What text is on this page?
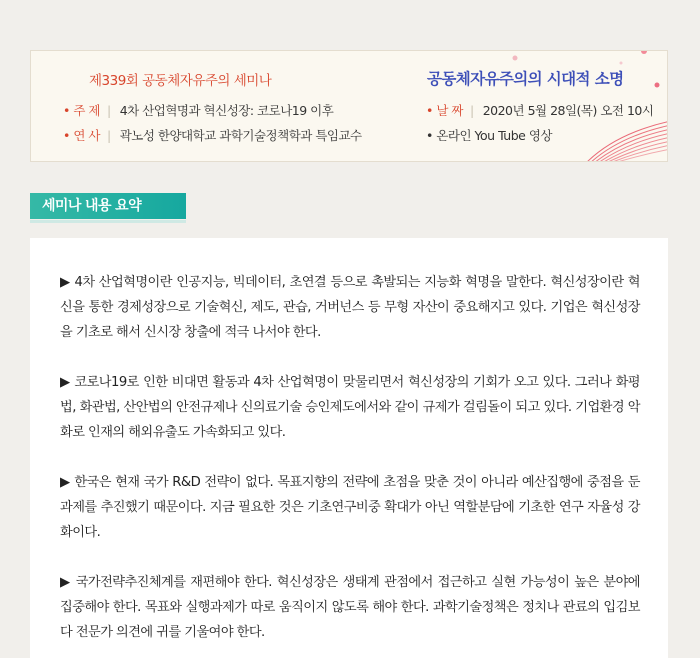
제339회 공동체자유주의 세미나	공동체자유주의의 시대적 소명
• 주 제 | 4차 산업혁명과 혁신성장: 코로나19 이후
• 연 사 | 곽노성 한양대학교 과학기술정책학과 특임교수
• 날 짜 | 2020년 5월 28일(목) 오전 10시
• 온라인 You Tube 영상
세미나 내용 요약
▶ 4차 산업혁명이란 인공지능, 빅데이터, 초연결 등으로 촉발되는 지능화 혁명을 말한다. 혁신성장이란 혁신을 통한 경제성장으로 기술혁신, 제도, 관습, 거버넌스 등 무형 자산이 중요해지고 있다. 기업은 혁신성장을 기초로 해서 신시장 창출에 적극 나서야 한다.
▶ 코로나19로 인한 비대면 활동과 4차 산업혁명이 맞물리면서 혁신성장의 기회가 오고 있다. 그러나 화평법, 화관법, 산안법의 안전규제나 신의료기술 승인제도에서와 같이 규제가 걸림돌이 되고 있다. 기업환경 악화로 인재의 해외유출도 가속화되고 있다.
▶ 한국은 현재 국가 R&D 전략이 없다. 목표지향의 전략에 초점을 맞춘 것이 아니라 예산집행에 중점을 둔 과제를 추진했기 때문이다. 지금 필요한 것은 기초연구비중 확대가 아닌 역할분담에 기초한 연구 자율성 강화이다.
▶ 국가전략추진체계를 재편해야 한다. 혁신성장은 생태계 관점에서 접근하고 실현 가능성이 높은 분야에 집중해야 한다. 목표와 실행과제가 따로 움직이지 않도록 해야 한다. 과학기술정책은 정치나 관료의 입김보다 전문가 의견에 귀를 기울여야 한다.
